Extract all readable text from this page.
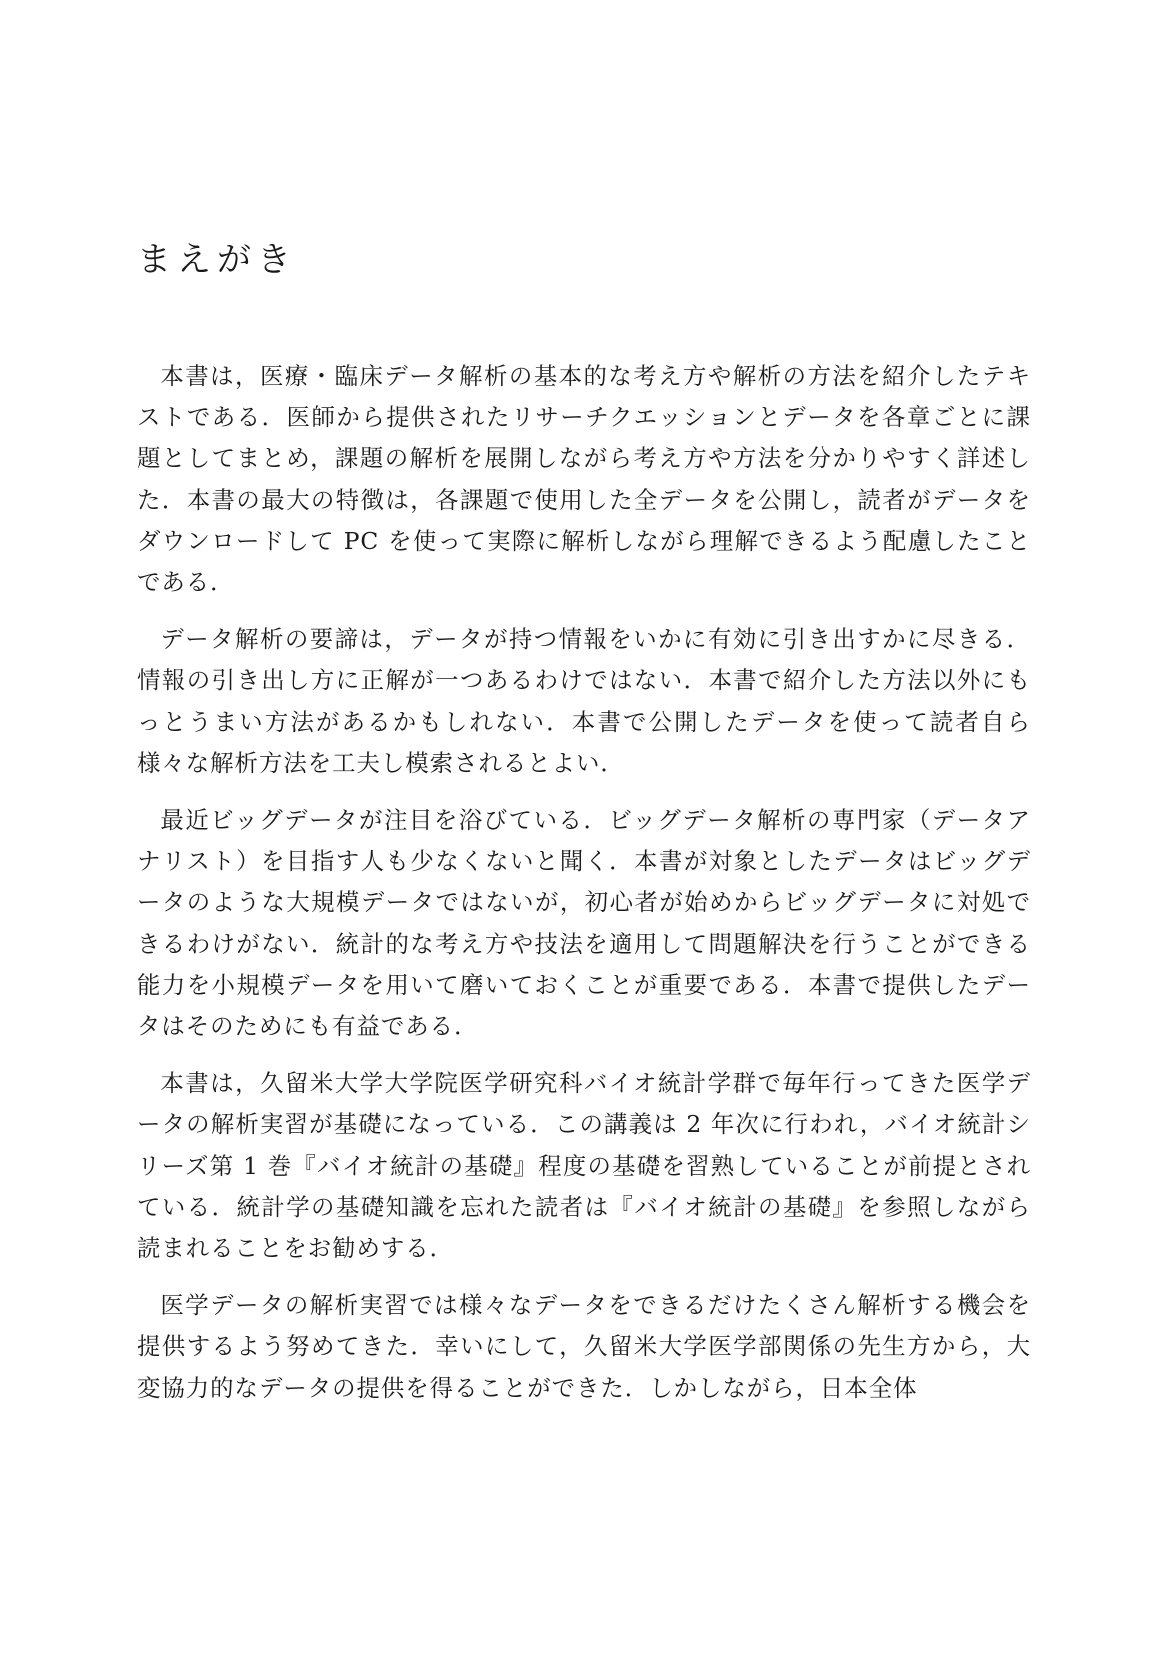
まえがき

本書は，医療・臨床データ解析の基本的な考え方や解析の方法を紹介したテキストである．医師から提供されたリサーチクエッションとデータを各章ごとに課題としてまとめ，課題の解析を展開しながら考え方や方法を分かりやすく詳述した．本書の最大の特徴は，各課題で使用した全データを公開し，読者がデータをダウンロードして PC を使って実際に解析しながら理解できるよう配慮したことである．

データ解析の要諦は，データが持つ情報をいかに有効に引き出すかに尽きる．情報の引き出し方に正解が一つあるわけではない．本書で紹介した方法以外にもっとうまい方法があるかもしれない．本書で公開したデータを使って読者自ら様々な解析方法を工夫し模索されるとよい．

最近ビッグデータが注目を浴びている．ビッグデータ解析の専門家（データアナリスト）を目指す人も少なくないと聞く．本書が対象としたデータはビッグデータのような大規模データではないが，初心者が始めからビッグデータに対処できるわけがない．統計的な考え方や技法を適用して問題解決を行うことができる能力を小規模データを用いて磨いておくことが重要である．本書で提供したデータはそのためにも有益である．

本書は，久留米大学大学院医学研究科バイオ統計学群で毎年行ってきた医学データの解析実習が基礎になっている．この講義は 2 年次に行われ，バイオ統計シリーズ第 1 巻『バイオ統計の基礎』程度の基礎を習熟していることが前提とされている．統計学の基礎知識を忘れた読者は『バイオ統計の基礎』を参照しながら読まれることをお勧めする．

医学データの解析実習では様々なデータをできるだけたくさん解析する機会を提供するよう努めてきた．幸いにして，久留米大学医学部関係の先生方から，大変協力的なデータの提供を得ることができた．しかしながら，日本全体
